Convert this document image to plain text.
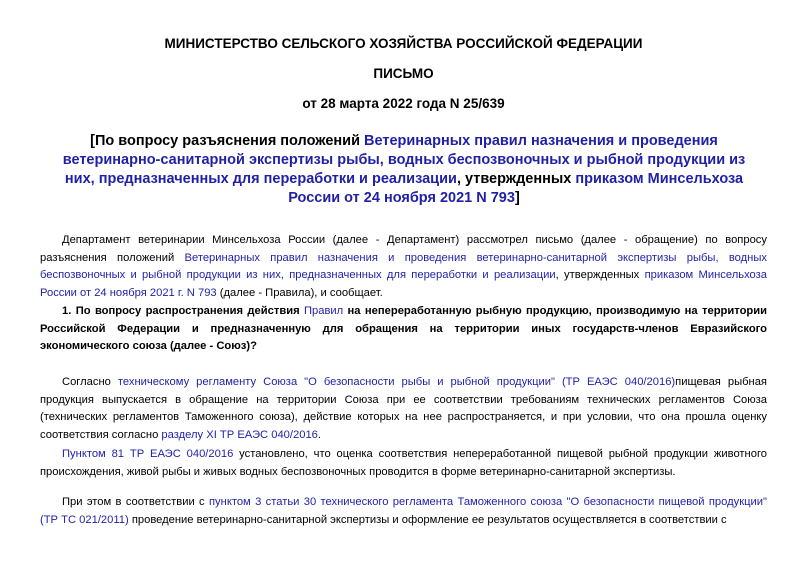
МИНИСТЕРСТВО СЕЛЬСКОГО ХОЗЯЙСТВА РОССИЙСКОЙ ФЕДЕРАЦИИ
ПИСЬМО
от 28 марта 2022 года N 25/639
[По вопросу разъяснения положений Ветеринарных правил назначения и проведения ветеринарно-санитарной экспертизы рыбы, водных беспозвоночных и рыбной продукции из них, предназначенных для переработки и реализации, утвержденных приказом Минсельхоза России от 24 ноября 2021 N 793]

Департамент ветеринарии Минсельхоза России (далее - Департамент) рассмотрел письмо (далее - обращение) по вопросу разъяснения положений Ветеринарных правил назначения и проведения ветеринарно-санитарной экспертизы рыбы, водных беспозвоночных и рыбной продукции из них, предназначенных для переработки и реализации, утвержденных приказом Минсельхоза России от 24 ноября 2021 г. N 793 (далее - Правила), и сообщает.

1. По вопросу распространения действия Правил на непереработанную рыбную продукцию, производимую на территории Российской Федерации и предназначенную для обращения на территории иных государств-членов Евразийского экономического союза (далее - Союз)?

Согласно техническому регламенту Союза "О безопасности рыбы и рыбной продукции" (ТР ЕАЭС 040/2016)пищевая рыбная продукция выпускается в обращение на территории Союза при ее соответствии требованиям технических регламентов Союза (технических регламентов Таможенного союза), действие которых на нее распространяется, и при условии, что она прошла оценку соответствия согласно разделу XI ТР ЕАЭС 040/2016.

Пунктом 81 ТР ЕАЭС 040/2016 установлено, что оценка соответствия непереработанной пищевой рыбной продукции животного происхождения, живой рыбы и живых водных беспозвоночных проводится в форме ветеринарно-санитарной экспертизы.

При этом в соответствии с пунктом 3 статьи 30 технического регламента Таможенного союза "О безопасности пищевой продукции" (ТР ТС 021/2011) проведение ветеринарно-санитарной экспертизы и оформление ее результатов осуществляется в соответствии с
